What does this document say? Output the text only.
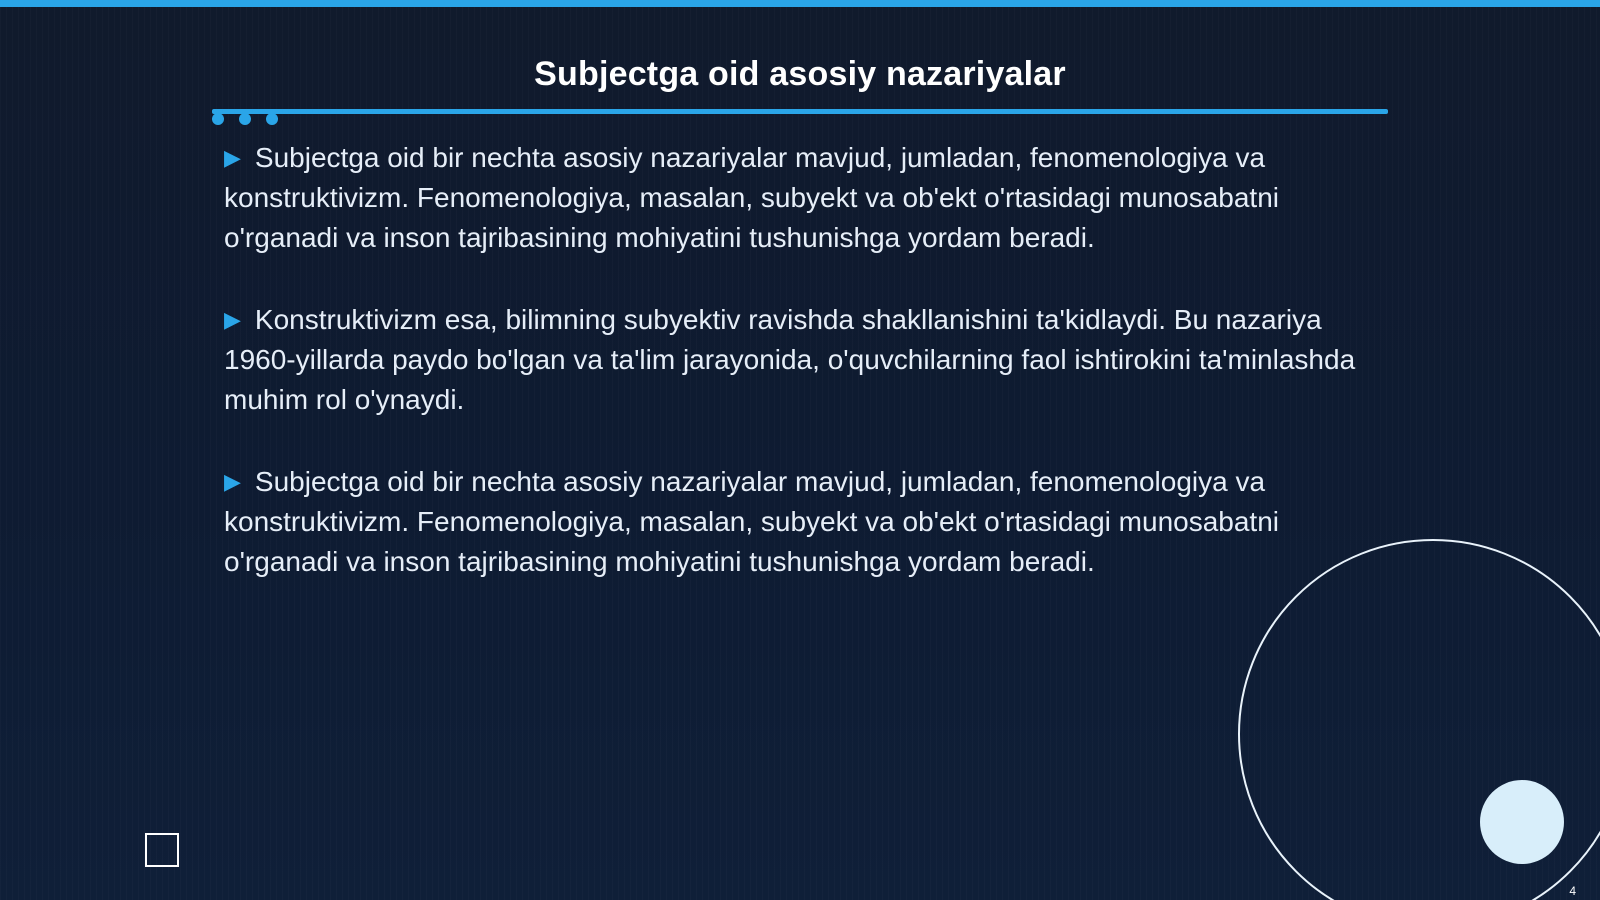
Subjectga oid asosiy nazariyalar
▶ Subjectga oid bir nechta asosiy nazariyalar mavjud, jumladan, fenomenologiya va konstruktivizm. Fenomenologiya, masalan, subyekt va ob'ekt o'rtasidagi munosabatni o'rganadi va inson tajribasining mohiyatini tushunishga yordam beradi.
▶ Konstruktivizm esa, bilimning subyektiv ravishda shakllanishini ta'kidlaydi. Bu nazariya 1960-yillarda paydo bo'lgan va ta'lim jarayonida, o'quvchilarning faol ishtirokini ta'minlashda muhim rol o'ynaydi.
▶ Subjectga oid bir nechta asosiy nazariyalar mavjud, jumladan, fenomenologiya va konstruktivizm. Fenomenologiya, masalan, subyekt va ob'ekt o'rtasidagi munosabatni o'rganadi va inson tajribasining mohiyatini tushunishga yordam beradi.
4
